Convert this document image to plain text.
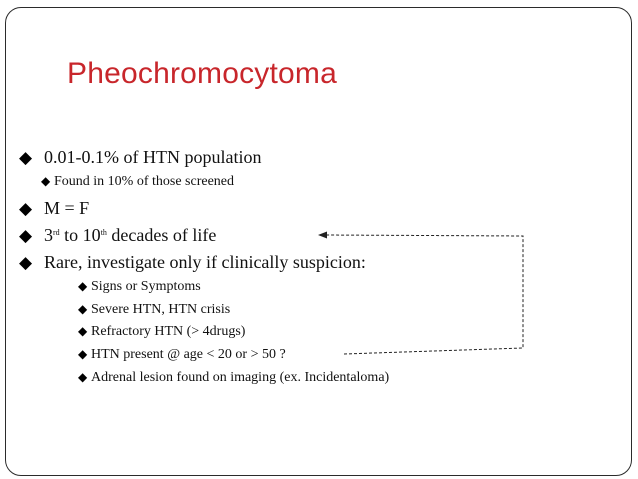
Pheochromocytoma
◆ 0.01-0.1% of HTN population
◆ Found in 10% of those screened
◆ M = F
◆ 3rd to 10th decades of life
◆ Rare, investigate only if clinically suspicion:
◆ Signs or Symptoms
◆ Severe HTN, HTN crisis
◆ Refractory HTN (> 4drugs)
◆ HTN present @ age < 20 or > 50 ?
◆ Adrenal lesion found on imaging (ex. Incidentaloma)
